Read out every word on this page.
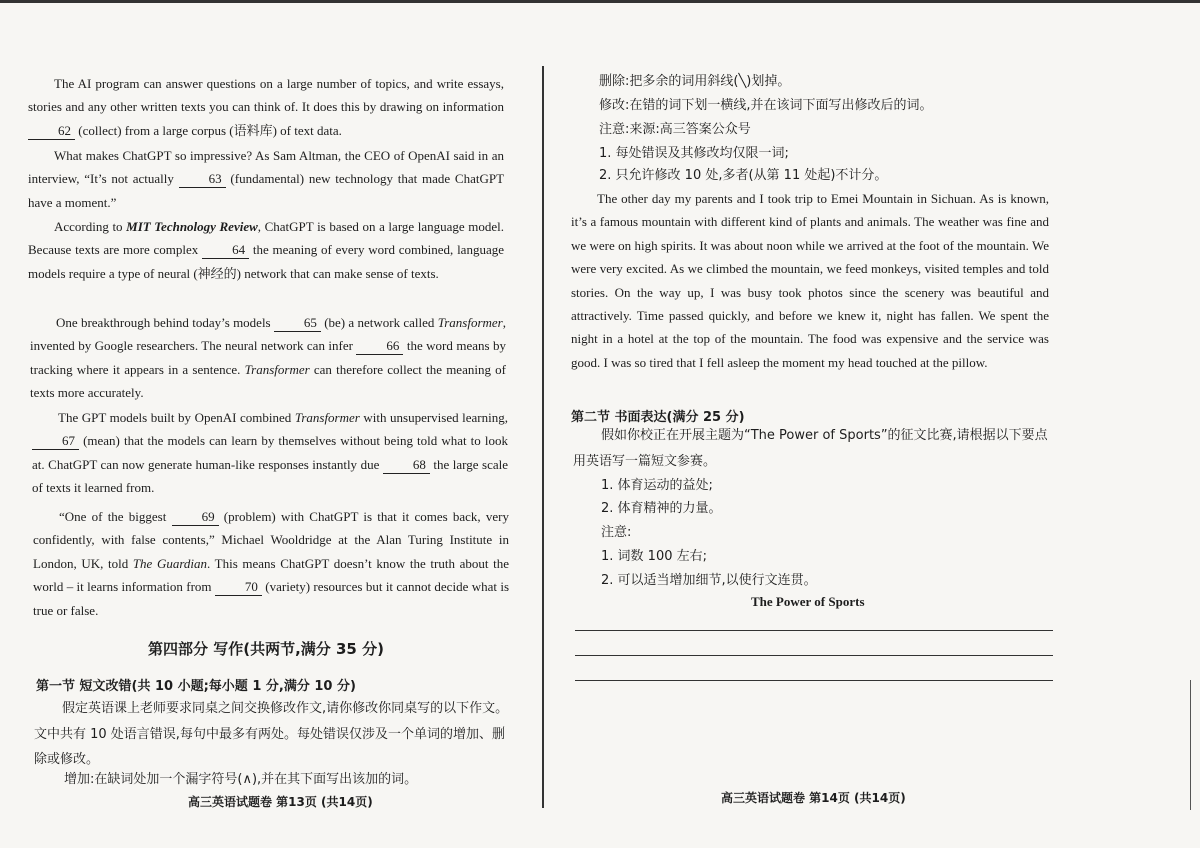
The AI program can answer questions on a large number of topics, and write essays, stories and any other written texts you can think of. It does this by drawing on information 62 (collect) from a large corpus (语料库) of text data.

What makes ChatGPT so impressive? As Sam Altman, the CEO of OpenAI said in an interview, “It’s not actually 63 (fundamental) new technology that made ChatGPT have a moment.”

According to MIT Technology Review, ChatGPT is based on a large language model. Because texts are more complex 64 the meaning of every word combined, language models require a type of neural (神经的) network that can make sense of texts.

One breakthrough behind today’s models 65 (be) a network called Transformer, invented by Google researchers. The neural network can infer 66 the word means by tracking where it appears in a sentence. Transformer can therefore collect the meaning of texts more accurately.

The GPT models built by OpenAI combined Transformer with unsupervised learning, 67 (mean) that the models can learn by themselves without being told what to look at. ChatGPT can now generate human-like responses instantly due 68 the large scale of texts it learned from.

“One of the biggest 69 (problem) with ChatGPT is that it comes back, very confidently, with false contents,” Michael Wooldridge at the Alan Turing Institute in London, UK, told The Guardian. This means ChatGPT doesn’t know the truth about the world – it learns information from 70 (variety) resources but it cannot decide what is true or false.

第四部分 写作(共两节,满分 35 分)
第一节 短文改错(共 10 小题;每小题 1 分,满分 10 分)

假定英语课上老师要求同桌之间交换修改作文,请你修改你同桌写的以下作文。文中共有 10 处语言错误,每句中最多有两处。每处错误仅涉及一个单词的增加、删除或修改。

增加:在缺词处加一个漏字符号(∧),并在其下面写出该加的词。

高三英语试题卷 第13页 (共14页)

删除:把多余的词用斜线(╲)划掉。

修改:在错的词下划一横线,并在该词下面写出修改后的词。

注意:来源:高三答案公众号

1. 每处错误及其修改均仅限一词;

2. 只允许修改 10 处,多者(从第 11 处起)不计分。

The other day my parents and I took trip to Emei Mountain in Sichuan. As is known, it’s a famous mountain with different kind of plants and animals. The weather was fine and we were on high spirits. It was about noon while we arrived at the foot of the mountain. We were very excited. As we climbed the mountain, we feed monkeys, visited temples and told stories. On the way up, I was busy took photos since the scenery was beautiful and attractively. Time passed quickly, and before we knew it, night has fallen. We spent the night in a hotel at the top of the mountain. The food was expensive and the service was good. I was so tired that I fell asleep the moment my head touched at the pillow.

第二节 书面表达(满分 25 分)

假如你校正在开展主题为“The Power of Sports”的征文比赛,请根据以下要点用英语写一篇短文参赛。

1. 体育运动的益处;

2. 体育精神的力量。

注意:

1. 词数 100 左右;

2. 可以适当增加细节,以使行文连贯。

The Power of Sports
高三英语试题卷 第14页 (共14页)
